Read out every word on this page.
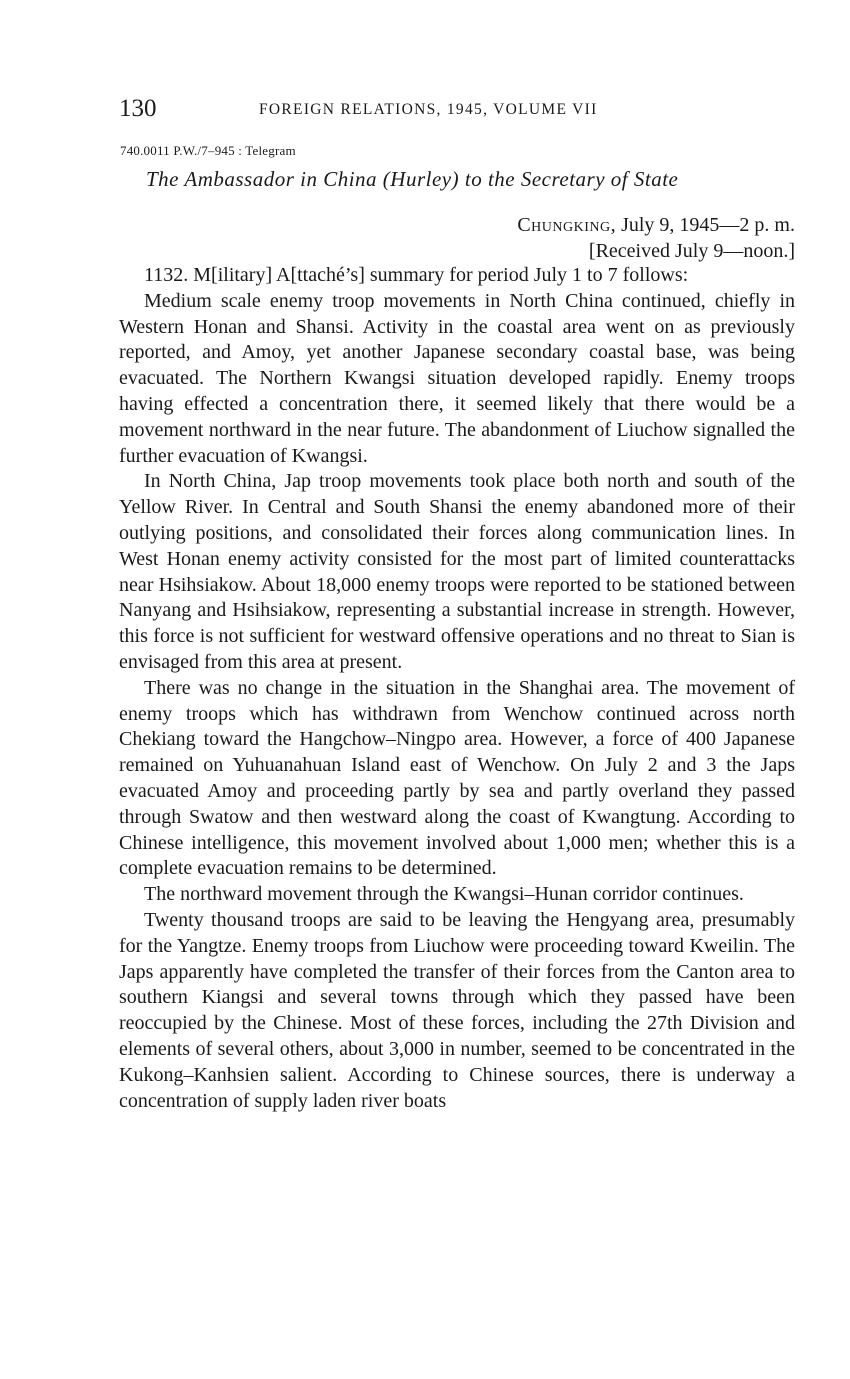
130	FOREIGN RELATIONS, 1945, VOLUME VII
740.0011 P.W./7–945 : Telegram
The Ambassador in China (Hurley) to the Secretary of State
Chungking, July 9, 1945—2 p. m.
[Received July 9—noon.]

1132. M[ilitary] A[ttaché’s] summary for period July 1 to 7 follows:

Medium scale enemy troop movements in North China continued, chiefly in Western Honan and Shansi. Activity in the coastal area went on as previously reported, and Amoy, yet another Japanese secondary coastal base, was being evacuated. The Northern Kwangsi situation developed rapidly. Enemy troops having effected a concentration there, it seemed likely that there would be a movement northward in the near future. The abandonment of Liuchow signalled the further evacuation of Kwangsi.

In North China, Jap troop movements took place both north and south of the Yellow River. In Central and South Shansi the enemy abandoned more of their outlying positions, and consolidated their forces along communication lines. In West Honan enemy activity consisted for the most part of limited counterattacks near Hsihsiakow. About 18,000 enemy troops were reported to be stationed between Nanyang and Hsihsiakow, representing a substantial increase in strength. However, this force is not sufficient for westward offensive operations and no threat to Sian is envisaged from this area at present.

There was no change in the situation in the Shanghai area. The movement of enemy troops which has withdrawn from Wenchow continued across north Chekiang toward the Hangchow–Ningpo area. However, a force of 400 Japanese remained on Yuhuanahuan Island east of Wenchow. On July 2 and 3 the Japs evacuated Amoy and proceeding partly by sea and partly overland they passed through Swatow and then westward along the coast of Kwangtung. According to Chinese intelligence, this movement involved about 1,000 men; whether this is a complete evacuation remains to be determined.

The northward movement through the Kwangsi–Hunan corridor continues.

Twenty thousand troops are said to be leaving the Hengyang area, presumably for the Yangtze. Enemy troops from Liuchow were proceeding toward Kweilin. The Japs apparently have completed the transfer of their forces from the Canton area to southern Kiangsi and several towns through which they passed have been reoccupied by the Chinese. Most of these forces, including the 27th Division and elements of several others, about 3,000 in number, seemed to be concentrated in the Kukong–Kanhsien salient. According to Chinese sources, there is underway a concentration of supply laden river boats
